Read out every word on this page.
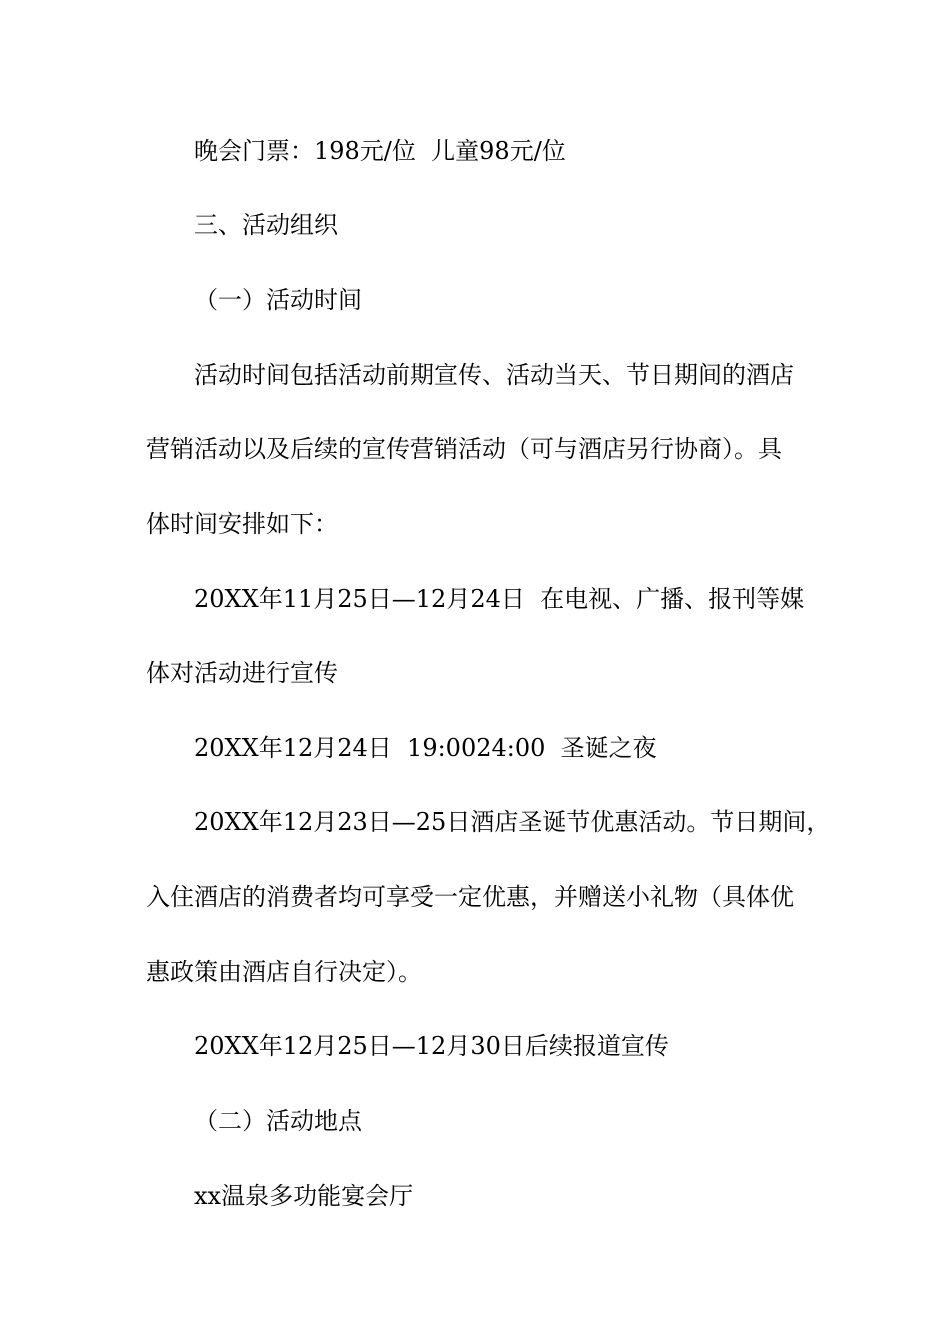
晚会门票：198元/位  儿童98元/位
三、活动组织
（一）活动时间
活动时间包括活动前期宣传、活动当天、节日期间的酒店
营销活动以及后续的宣传营销活动（可与酒店另行协商）。具
体时间安排如下：
20XX年11月25日—12月24日  在电视、广播、报刊等媒
体对活动进行宣传
20XX年12月24日  19:0024:00  圣诞之夜
20XX年12月23日—25日酒店圣诞节优惠活动。节日期间，
入住酒店的消费者均可享受一定优惠，并赠送小礼物（具体优
惠政策由酒店自行决定）。
20XX年12月25日—12月30日后续报道宣传
（二）活动地点
xx温泉多功能宴会厅
